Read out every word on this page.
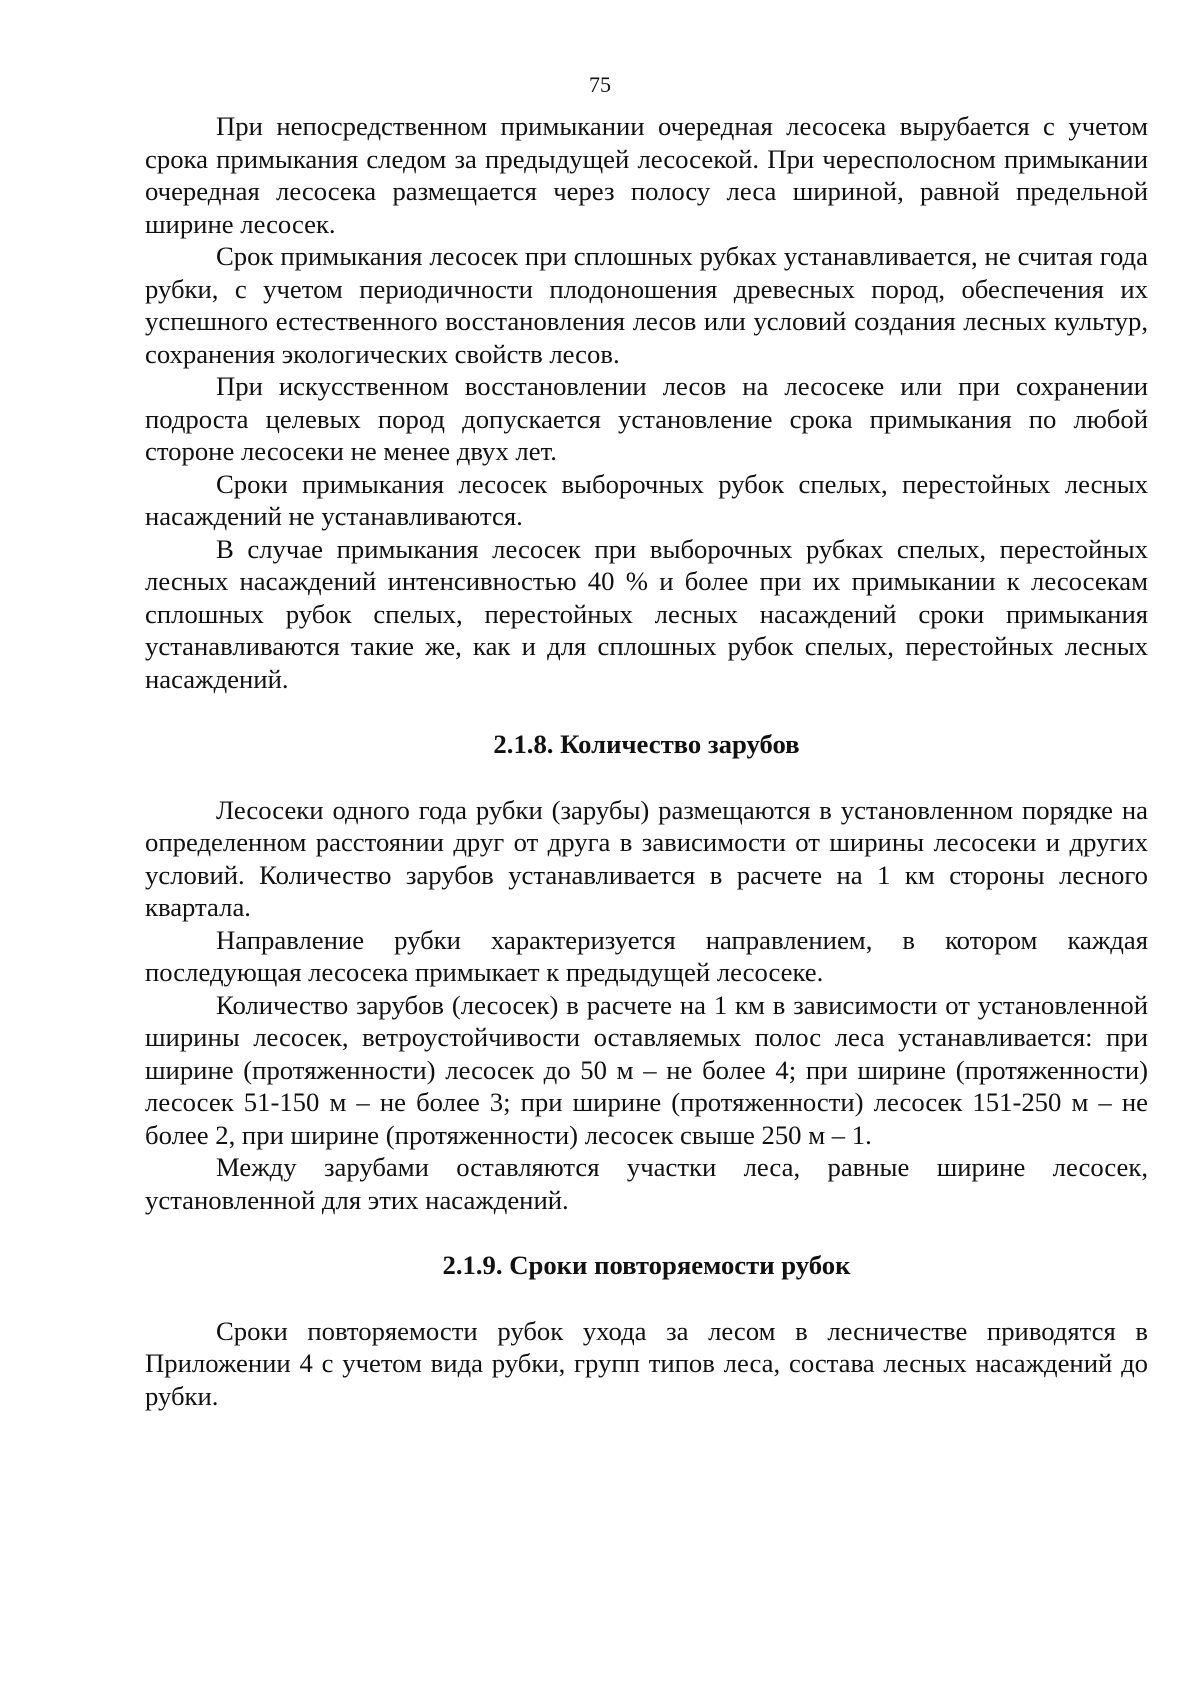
75

При непосредственном примыкании очередная лесосека вырубается с учетом срока примыкания следом за предыдущей лесосекой. При чересполосном примыкании очередная лесосека размещается через полосу леса шириной, равной предельной ширине лесосек.

Срок примыкания лесосек при сплошных рубках устанавливается, не считая года рубки, с учетом периодичности плодоношения древесных пород, обеспечения их успешного естественного восстановления лесов или условий создания лесных культур, сохранения экологических свойств лесов.

При искусственном восстановлении лесов на лесосеке или при сохранении подроста целевых пород допускается установление срока примыкания по любой стороне лесосеки не менее двух лет.

Сроки примыкания лесосек выборочных рубок спелых, перестойных лесных насаждений не устанавливаются.

В случае примыкания лесосек при выборочных рубках спелых, перестойных лесных насаждений интенсивностью 40 % и более при их примыкании к лесосекам сплошных рубок спелых, перестойных лесных насаждений сроки примыкания устанавливаются такие же, как и для сплошных рубок спелых, перестойных лесных насаждений.

2.1.8. Количество зарубов

Лесосеки одного года рубки (зарубы) размещаются в установленном порядке на определенном расстоянии друг от друга в зависимости от ширины лесосеки и других условий. Количество зарубов устанавливается в расчете на 1 км стороны лесного квартала.

Направление рубки характеризуется направлением, в котором каждая последующая лесосека примыкает к предыдущей лесосеке.

Количество зарубов (лесосек) в расчете на 1 км в зависимости от установленной ширины лесосек, ветроустойчивости оставляемых полос леса устанавливается: при ширине (протяженности) лесосек до 50 м – не более 4; при ширине (протяженности) лесосек 51-150 м – не более 3; при ширине (протяженности) лесосек 151-250 м – не более 2, при ширине (протяженности) лесосек свыше 250 м – 1.

Между зарубами оставляются участки леса, равные ширине лесосек, установленной для этих насаждений.

2.1.9. Сроки повторяемости рубок

Сроки повторяемости рубок ухода за лесом в лесничестве приводятся в Приложении 4 с учетом вида рубки, групп типов леса, состава лесных насаждений до рубки.
